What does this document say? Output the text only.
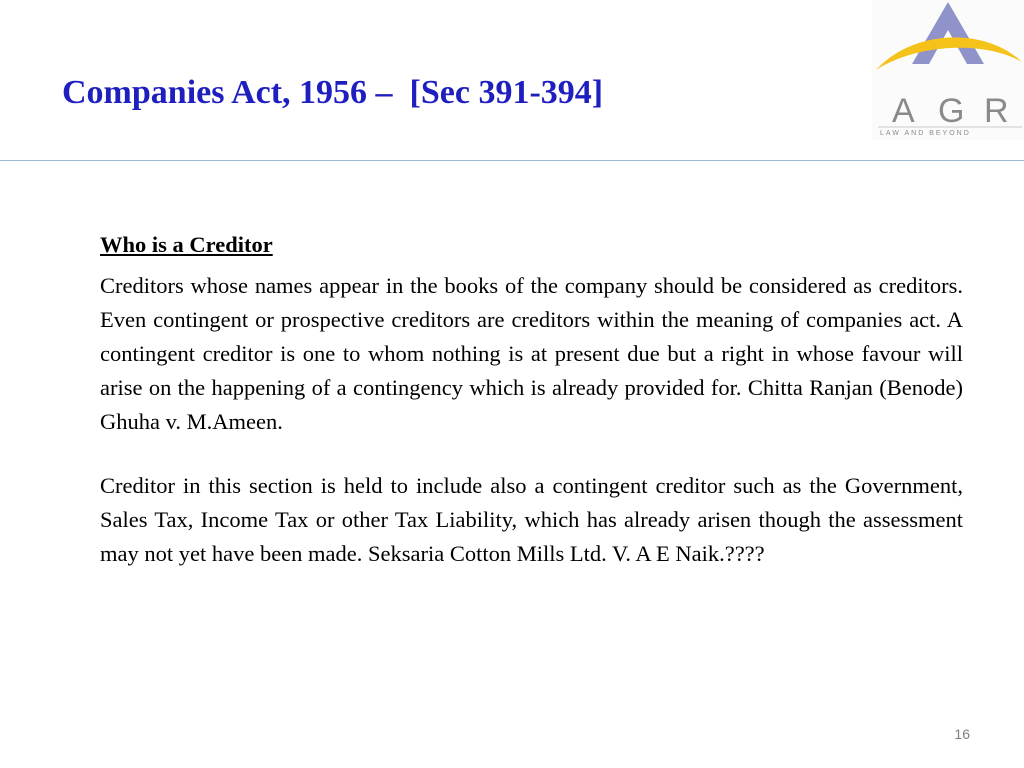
Companies Act, 1956 –  [Sec 391-394]	A G R
LAW AND BEYOND

Who is a Creditor

Creditors whose names appear in the books of the company should be considered as creditors. Even contingent or prospective creditors are creditors within the meaning of companies act. A contingent creditor is one to whom nothing is at present due but a right in whose favour will arise on the happening of a contingency which is already provided for. Chitta Ranjan (Benode) Ghuha v. M.Ameen.

Creditor in this section is held to include also a contingent creditor such as the Government, Sales Tax, Income Tax or other Tax Liability, which has already arisen though the assessment may not yet have been made. Seksaria Cotton Mills Ltd. V. A E Naik.????

16
